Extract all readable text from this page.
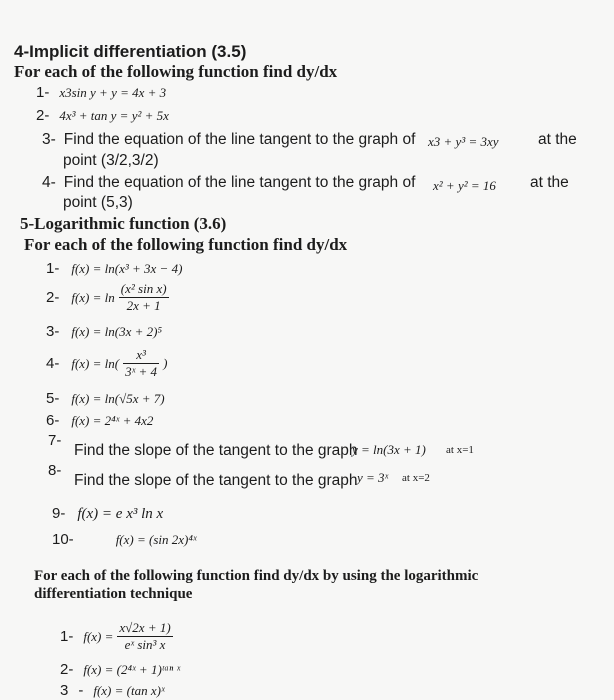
4-Implicit differentiation (3.5)
For each of the following function find dy/dx
1- x3sin y + y = 4x + 3
2- 4x³ + tan y = y² + 5x
3- Find the equation of the line tangent to the graph of x3 + y³ = 3xy	at the
point (3/2,3/2)
4- Find the equation of the line tangent to the graph of x² + y² = 16 at the
point (5,3)
5-Logarithmic function (3.6)
For each of the following function find dy/dx
1- f(x) = ln(x³ + 3x − 4)
2- $f(x) = \ln \frac{\text{(x² sin x)}}{2x + 1}$
3- f(x) = ln(3x + 2)⁵
4- $f(x) = \ln( \frac{\text{x³}}{\text{3ˣ + 4}}$ )
5- f(x) = ln(√5x + 7)
6- f(x) = 2⁴ˣ + 4x2
7-
Find the slope of the tangent to the graph
y = ln(3x + 1) at x=1
8-
Find the slope of the tangent to the graph y = 3ˣ at x=2
9- f(x) = e x³ ln x
10-	f(x) = (sin 2x)⁴ˣ
For each of the following function find dy/dx by using the logarithmic
differentiation technique
1- $f(x) = \frac{x√2x + 1)}{\text{eˣ sin³ x}}$
2- f(x) = (2⁴ˣ + 1)ᵗᵃⁿ ˣ
3 - f(x) = (tan x)ˣ
